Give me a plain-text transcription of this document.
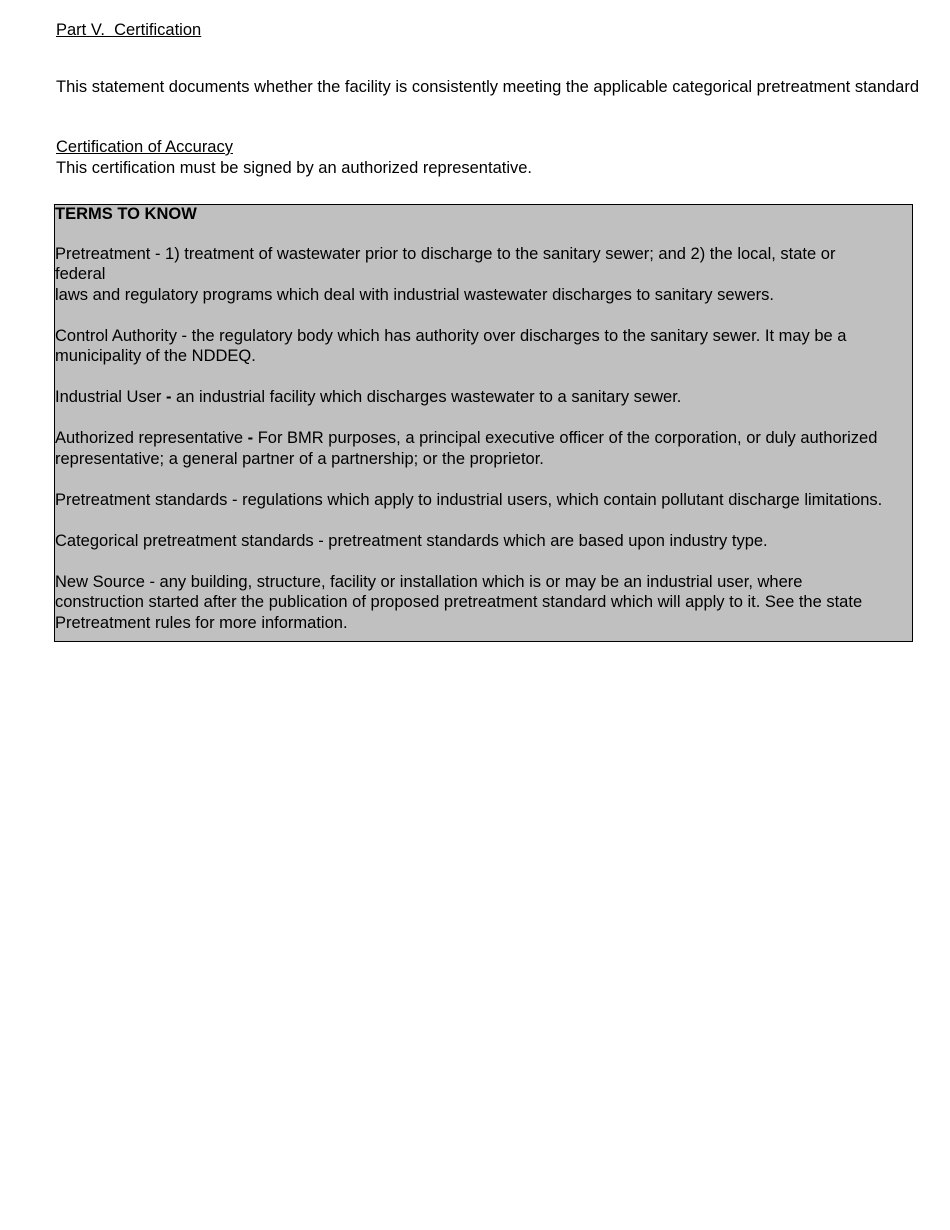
Part V.  Certification
This statement documents whether the facility is consistently meeting the applicable categorical pretreatment standard
Certification of Accuracy
This certification must be signed by an authorized representative.
TERMS TO KNOW
Pretreatment - 1) treatment of wastewater prior to discharge to the sanitary sewer; and 2) the local, state or
federal
laws and regulatory programs which deal with industrial wastewater discharges to sanitary sewers.
Control Authority - the regulatory body which has authority over discharges to the sanitary sewer. It may be a
municipality of the NDDEQ.
Industrial User - an industrial facility which discharges wastewater to a sanitary sewer.
Authorized representative - For BMR purposes, a principal executive officer of the corporation, or duly authorized
representative; a general partner of a partnership; or the proprietor.
Pretreatment standards - regulations which apply to industrial users, which contain pollutant discharge limitations.
Categorical pretreatment standards - pretreatment standards which are based upon industry type.
New Source - any building, structure, facility or installation which is or may be an industrial user, where
construction started after the publication of proposed pretreatment standard which will apply to it. See the state
Pretreatment rules for more information.
